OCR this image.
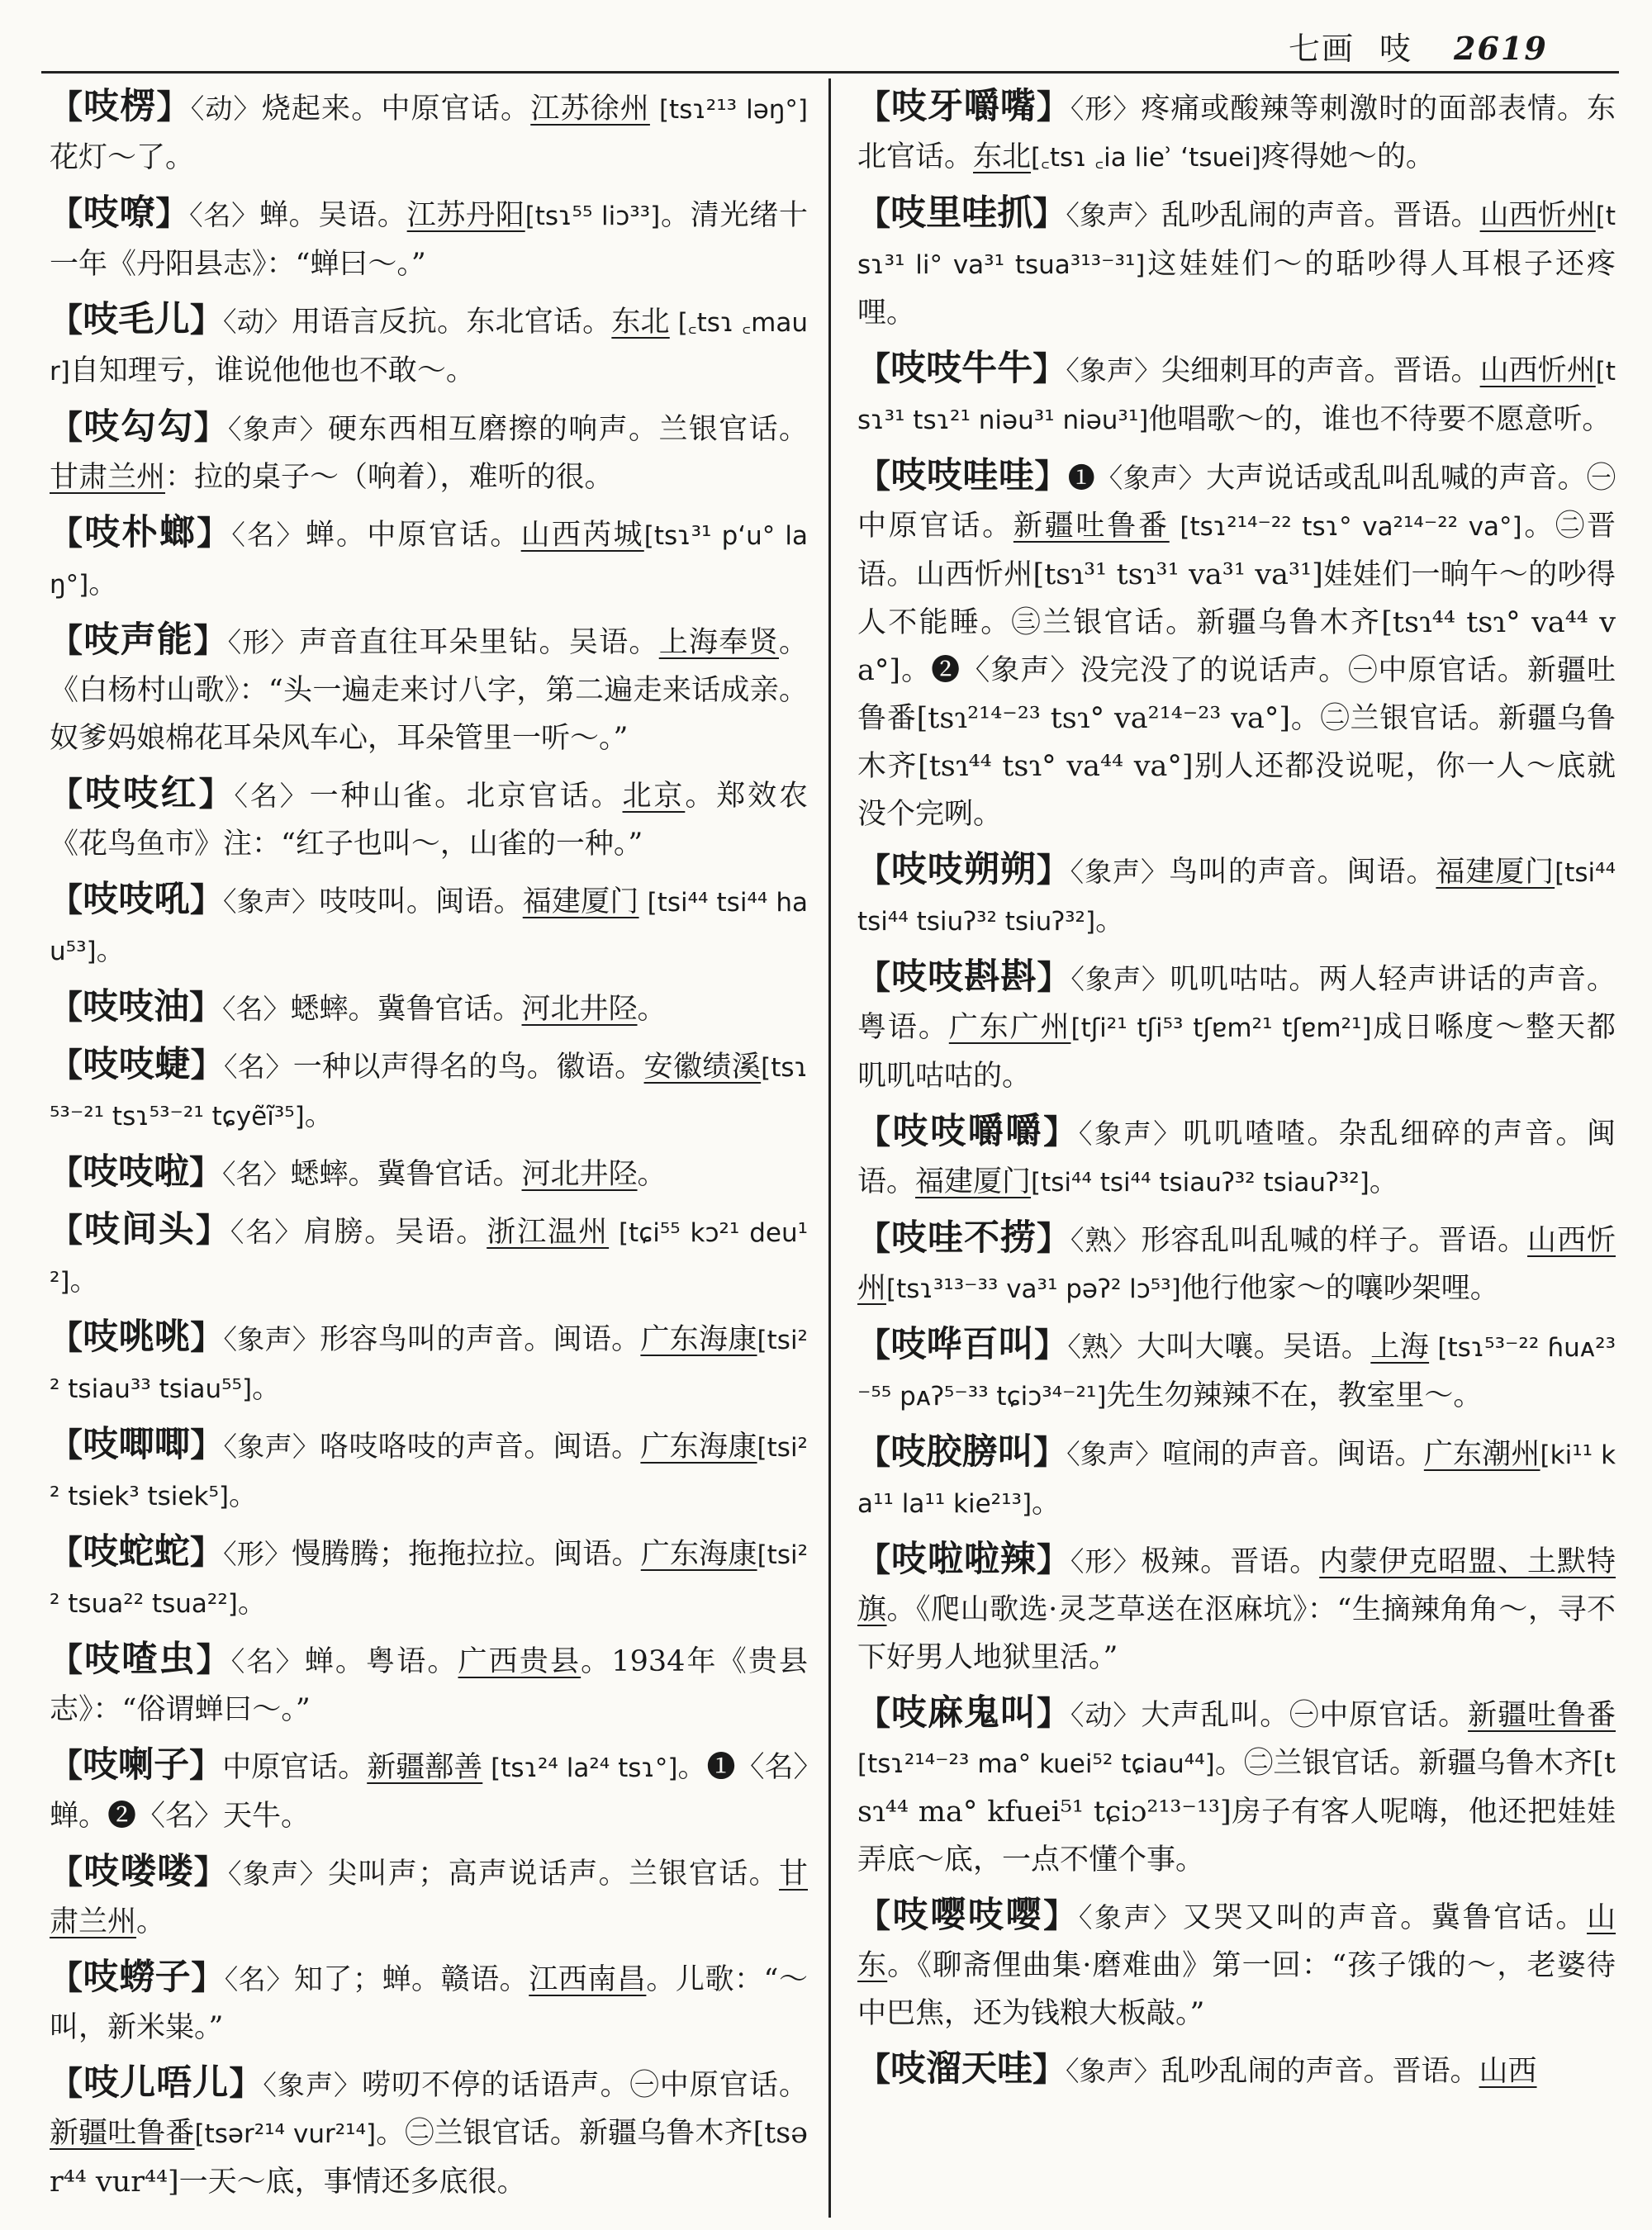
七画 吱 2619
【吱楞】〈动〉烧起来。中原官话。江苏徐州 [tsɿ²¹³ ləŋ°]花灯～了。
【吱嘹】〈名〉蝉。吴语。江苏丹阳[tsɿ⁵⁵ liɔ³³]。清光绪十一年《丹阳县志》：“蝉曰～。”
【吱毛儿】〈动〉用语言反抗。东北官话。东北 [꜀tsɿ ꜀maur]自知理亏，谁说他他也不敢～。
【吱勾勾】〈象声〉硬东西相互磨擦的响声。兰银官话。甘肃兰州：拉的桌子～（响着），难听的很。
【吱朴螂】〈名〉蝉。中原官话。山西芮城[tsɿ³¹ pʻu° laŋ°]。
【吱声能】〈形〉声音直往耳朵里钻。吴语。上海奉贤。《白杨村山歌》：“头一遍走来讨八字，第二遍走来话成亲。奴爹妈娘棉花耳朵风车心，耳朵管里一听～。”
【吱吱红】〈名〉一种山雀。北京官话。北京。郑效农《花鸟鱼市》注：“红子也叫～，山雀的一种。”
【吱吱吼】〈象声〉吱吱叫。闽语。福建厦门 [tsi⁴⁴ tsi⁴⁴ hau⁵³]。
【吱吱油】〈名〉蟋蟀。冀鲁官话。河北井陉。
【吱吱蜨】〈名〉一种以声得名的鸟。徽语。安徽绩溪[tsɿ⁵³⁻²¹ tsɿ⁵³⁻²¹ tɕyẽĩ³⁵]。
【吱吱啦】〈名〉蟋蟀。冀鲁官话。河北井陉。
【吱间头】〈名〉肩膀。吴语。浙江温州 [tɕi⁵⁵ kɔ²¹ deu¹²]。
【吱咷咷】〈象声〉形容鸟叫的声音。闽语。广东海康[tsi²² tsiau³³ tsiau⁵⁵]。
【吱唧唧】〈象声〉咯吱咯吱的声音。闽语。广东海康[tsi²² tsiek³ tsiek⁵]。
【吱蛇蛇】〈形〉慢腾腾；拖拖拉拉。闽语。广东海康[tsi²² tsua²² tsua²²]。
【吱喳虫】〈名〉蝉。粤语。广西贵县。1934年《贵县志》：“俗谓蝉曰～。”
【吱喇子】中原官话。新疆鄯善 [tsɿ²⁴ la²⁴ tsɿ°]。❶〈名〉蝉。❷〈名〉天牛。
【吱喽喽】〈象声〉尖叫声；高声说话声。兰银官话。甘肃兰州。
【吱蟧子】〈名〉知了；蝉。赣语。江西南昌。儿歌：“～叫，新米粜。”
【吱儿唔儿】〈象声〉唠叨不停的话语声。㊀中原官话。新疆吐鲁番[tsər²¹⁴ vur²¹⁴]。㊁兰银官话。新疆乌鲁木齐[tsər⁴⁴ vur⁴⁴]一天～底，事情还多底很。
【吱牙嚼嘴】〈形〉疼痛或酸辣等刺激时的面部表情。东北官话。东北[꜀tsɿ ꜀ia lieʾ ʻtsuei]疼得她～的。
【吱里哇抓】〈象声〉乱吵乱闹的声音。晋语。山西忻州[tsɿ³¹ li° va³¹ tsua³¹³⁻³¹]这娃娃们～的聒吵得人耳根子还疼哩。
【吱吱牛牛】〈象声〉尖细刺耳的声音。晋语。山西忻州[tsɿ³¹ tsɿ²¹ niəu³¹ niəu³¹]他唱歌～的，谁也不待要不愿意听。
【吱吱哇哇】❶〈象声〉大声说话或乱叫乱喊的声音。㊀中原官话。新疆吐鲁番 [tsɿ²¹⁴⁻²² tsɿ° va²¹⁴⁻²² va°]。㊁晋语。山西忻州[tsɿ³¹ tsɿ³¹ va³¹ va³¹]娃娃们一晌午～的吵得人不能睡。㊂兰银官话。新疆乌鲁木齐[tsɿ⁴⁴ tsɿ° va⁴⁴ va°]。❷〈象声〉没完没了的说话声。㊀中原官话。新疆吐鲁番[tsɿ²¹⁴⁻²³ tsɿ° va²¹⁴⁻²³ va°]。㊁兰银官话。新疆乌鲁木齐[tsɿ⁴⁴ tsɿ° va⁴⁴ va°]别人还都没说呢，你一人～底就没个完咧。
【吱吱朔朔】〈象声〉鸟叫的声音。闽语。福建厦门[tsi⁴⁴ tsi⁴⁴ tsiuʔ³² tsiuʔ³²]。
【吱吱斟斟】〈象声〉叽叽咕咕。两人轻声讲话的声音。粤语。广东广州[tʃi²¹ tʃi⁵³ tʃɐm²¹ tʃɐm²¹]成日喺度～整天都叽叽咕咕的。
【吱吱嚼嚼】〈象声〉叽叽喳喳。杂乱细碎的声音。闽语。福建厦门[tsi⁴⁴ tsi⁴⁴ tsiauʔ³² tsiauʔ³²]。
【吱哇不捞】〈熟〉形容乱叫乱喊的样子。晋语。山西忻州[tsɿ³¹³⁻³³ va³¹ pəʔ² lɔ⁵³]他行他家～的嚷吵架哩。
【吱哗百叫】〈熟〉大叫大嚷。吴语。上海 [tsɿ⁵³⁻²² ɦuᴀ²³⁻⁵⁵ pᴀʔ⁵⁻³³ tɕiɔ³⁴⁻²¹]先生勿辣辣不在，教室里～。
【吱胶膀叫】〈象声〉喧闹的声音。闽语。广东潮州[ki¹¹ ka¹¹ la¹¹ kie²¹³]。
【吱啦啦辣】〈形〉极辣。晋语。内蒙伊克昭盟、土默特旗。《爬山歌选·灵芝草送在沤麻坑》：“生摘辣角角～，寻不下好男人地狱里活。”
【吱麻鬼叫】〈动〉大声乱叫。㊀中原官话。新疆吐鲁番[tsɿ²¹⁴⁻²³ ma° kuei⁵² tɕiau⁴⁴]。㊁兰银官话。新疆乌鲁木齐[tsɿ⁴⁴ ma° kfuei⁵¹ tɕiɔ²¹³⁻¹³]房子有客人呢嗨，他还把娃娃弄底～底，一点不懂个事。
【吱嘤吱嘤】〈象声〉又哭又叫的声音。冀鲁官话。山东。《聊斋俚曲集·磨难曲》第一回：“孩子饿的～，老婆待中巴焦，还为钱粮大板敲。”
【吱溜天哇】〈象声〉乱吵乱闹的声音。晋语。山西
